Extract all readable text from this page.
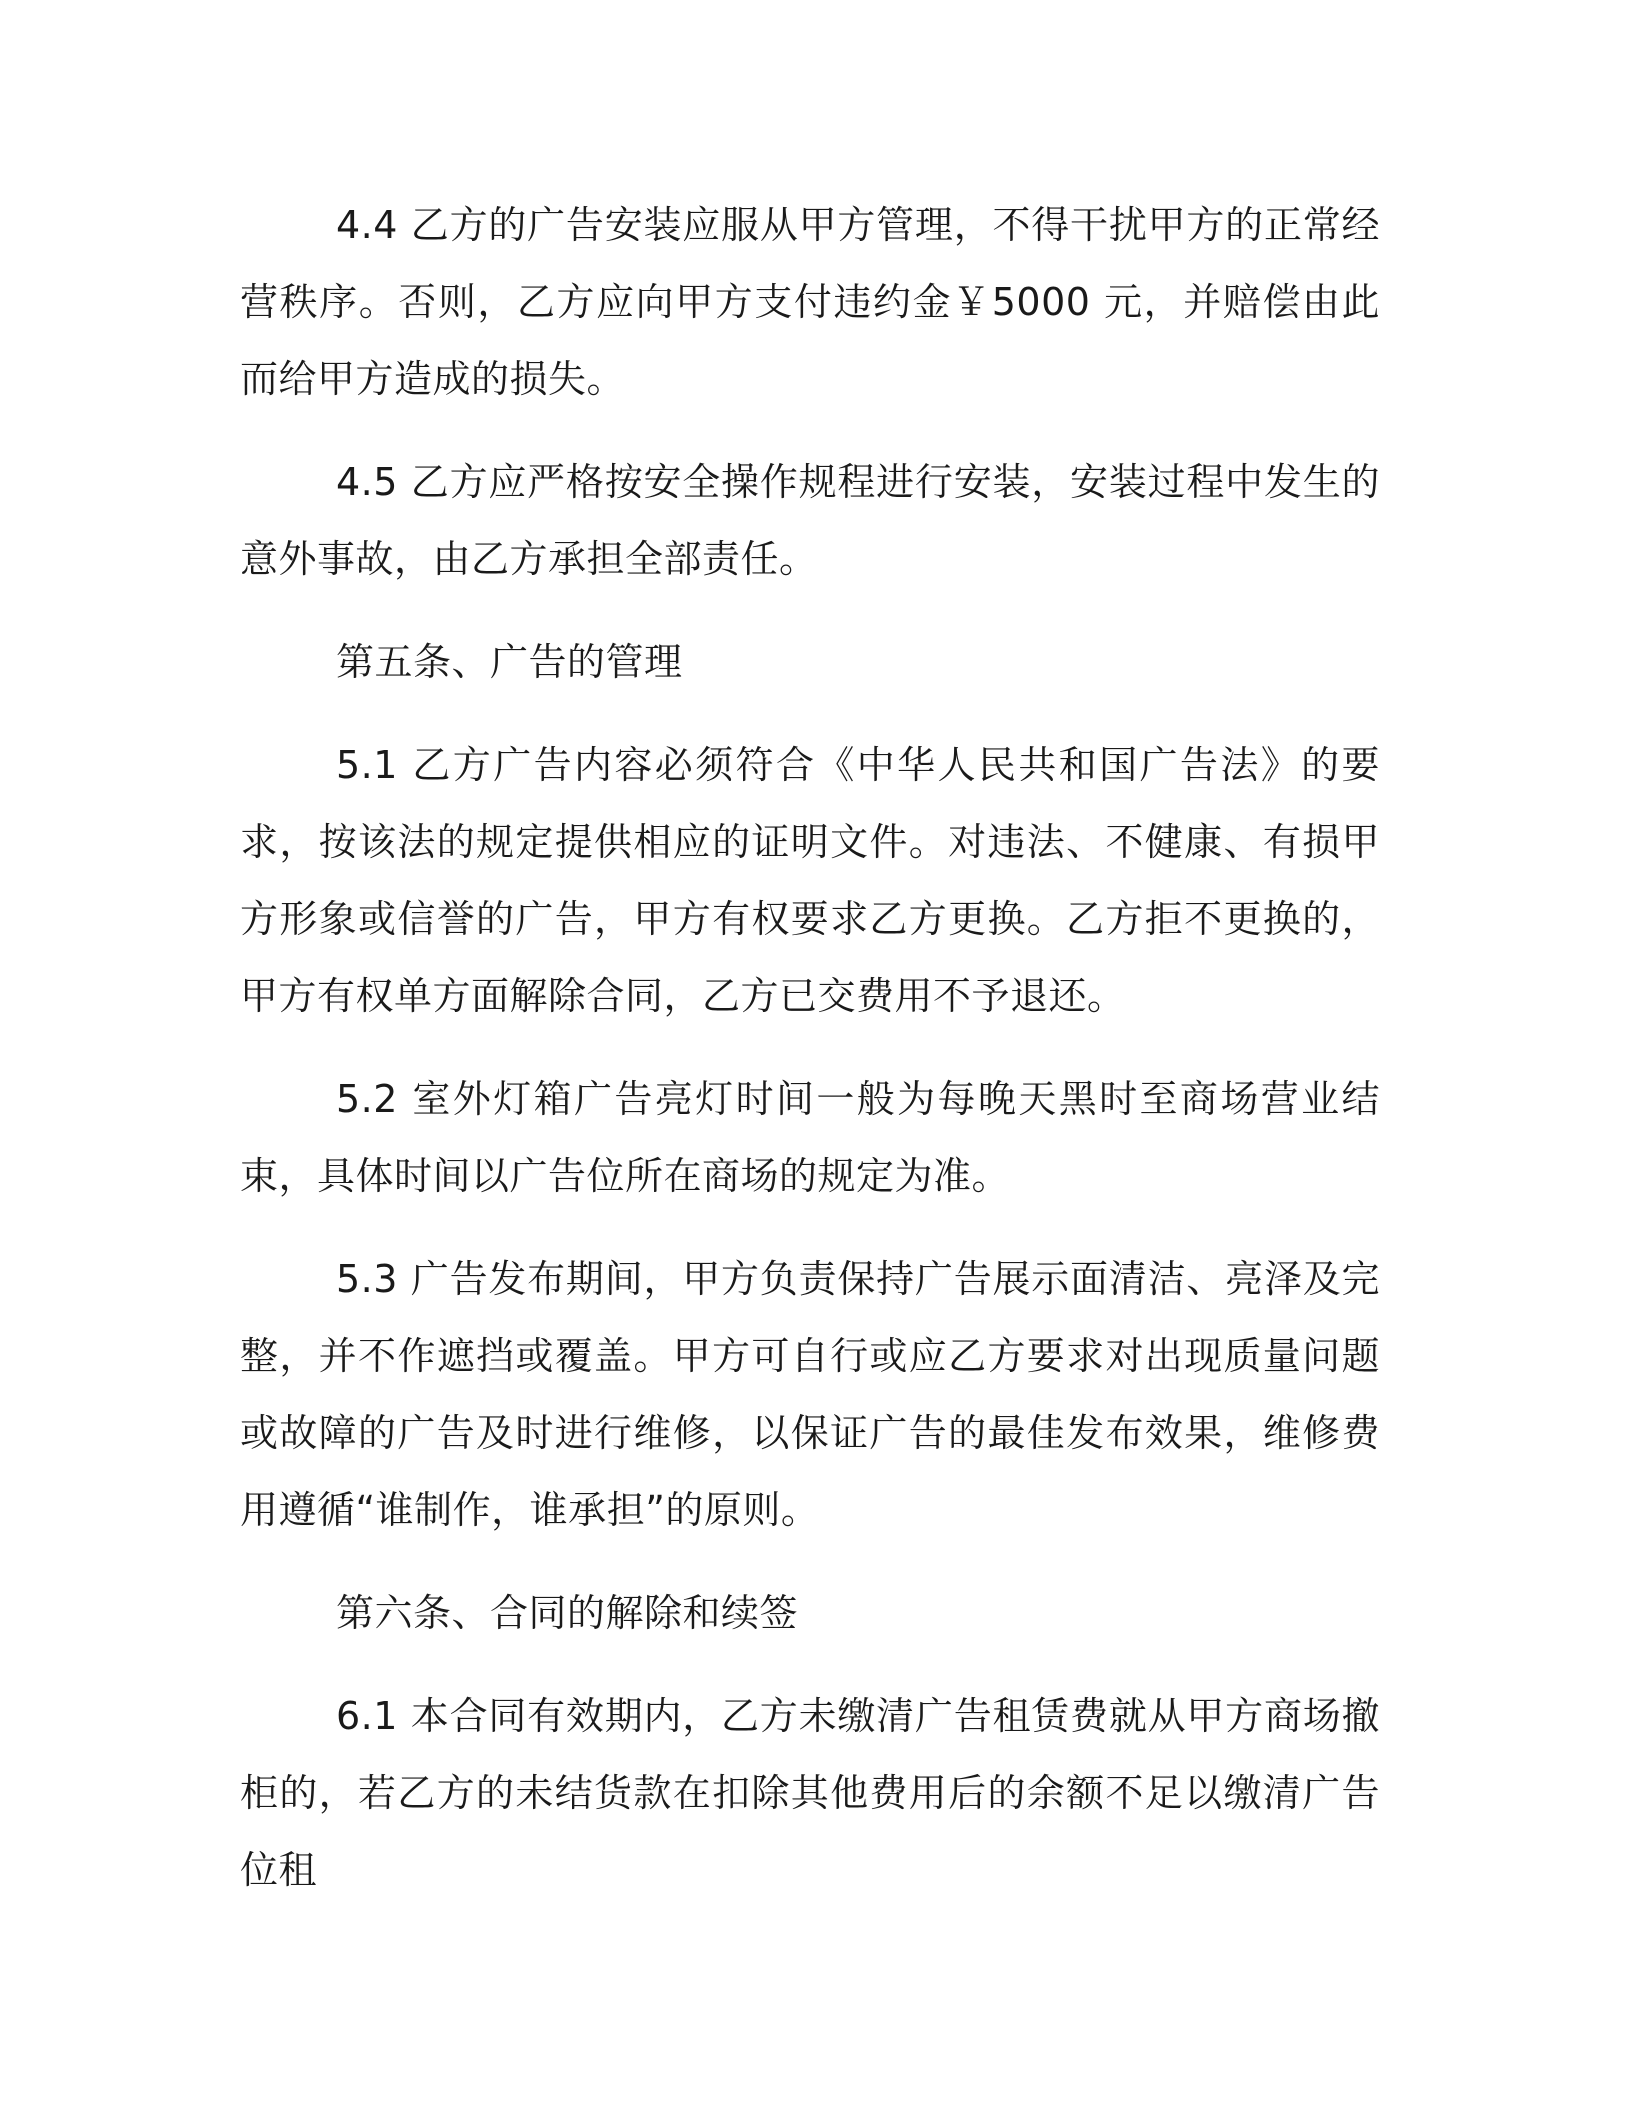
4.4 乙方的广告安装应服从甲方管理，不得干扰甲方的正常经营秩序。否则，乙方应向甲方支付违约金￥5000 元，并赔偿由此而给甲方造成的损失。

4.5 乙方应严格按安全操作规程进行安装，安装过程中发生的意外事故，由乙方承担全部责任。

第五条、广告的管理

5.1 乙方广告内容必须符合《中华人民共和国广告法》的要求，按该法的规定提供相应的证明文件。对违法、不健康、有损甲方形象或信誉的广告，甲方有权要求乙方更换。乙方拒不更换的，甲方有权单方面解除合同，乙方已交费用不予退还。

5.2 室外灯箱广告亮灯时间一般为每晚天黑时至商场营业结束，具体时间以广告位所在商场的规定为准。

5.3 广告发布期间，甲方负责保持广告展示面清洁、亮泽及完整，并不作遮挡或覆盖。甲方可自行或应乙方要求对出现质量问题或故障的广告及时进行维修，以保证广告的最佳发布效果，维修费用遵循“谁制作，谁承担”的原则。

第六条、合同的解除和续签

6.1 本合同有效期内，乙方未缴清广告租赁费就从甲方商场撤柜的，若乙方的未结货款在扣除其他费用后的余额不足以缴清广告位租
